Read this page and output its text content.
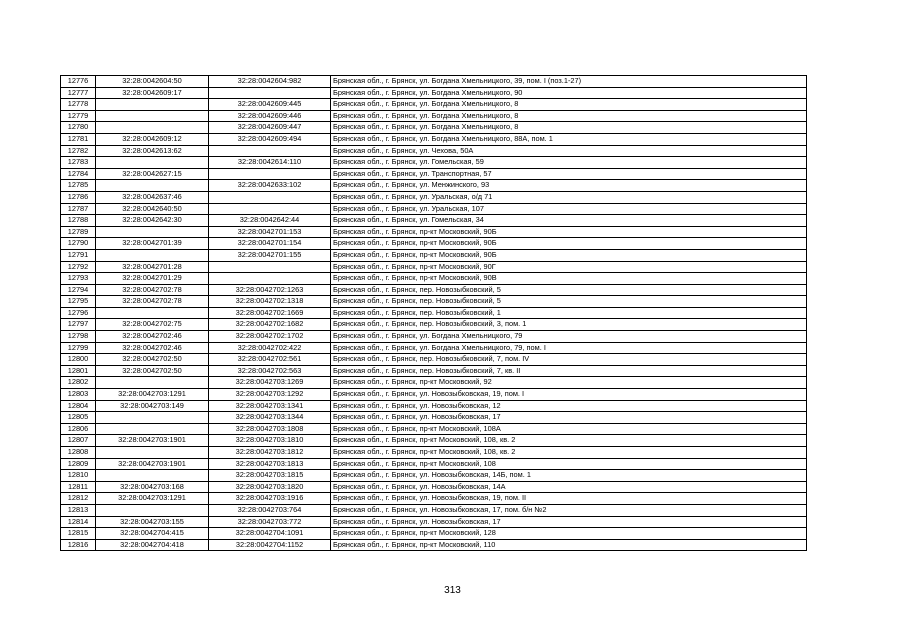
12776	32:28:0042604:50	32:28:0042604:982	Брянская обл., г. Брянск, ул. Богдана Хмельницкого, 39, пом. I (поз.1-27)
12777	32:28:0042609:17		Брянская обл., г. Брянск, ул. Богдана Хмельницкого, 90
12778		32:28:0042609:445	Брянская обл., г. Брянск, ул. Богдана Хмельницкого, 8
12779		32:28:0042609:446	Брянская обл., г. Брянск, ул. Богдана Хмельницкого, 8
12780		32:28:0042609:447	Брянская обл., г. Брянск, ул. Богдана Хмельницкого, 8
12781	32:28:0042609:12	32:28:0042609:494	Брянская обл., г. Брянск, ул. Богдана Хмельницкого, 88А, пом. 1
12782	32:28:0042613:62		Брянская обл., г. Брянск, ул. Чехова, 50А
12783		32:28:0042614:110	Брянская обл., г. Брянск, ул. Гомельская, 59
12784	32:28:0042627:15		Брянская обл., г. Брянск, ул. Транспортная, 57
12785		32:28:0042633:102	Брянская обл., г. Брянск, ул. Менжинского, 93
12786	32:28:0042637:46		Брянская обл., г. Брянск, ул. Уральская, о/д 71
12787	32:28:0042640:50		Брянская обл., г. Брянск, ул. Уральская, 107
12788	32:28:0042642:30	32:28:0042642:44	Брянская обл., г. Брянск, ул. Гомельская, 34
12789		32:28:0042701:153	Брянская обл., г. Брянск, пр-кт Московский, 90Б
12790	32:28:0042701:39	32:28:0042701:154	Брянская обл., г. Брянск, пр-кт Московский, 90Б
12791		32:28:0042701:155	Брянская обл., г. Брянск, пр-кт Московский, 90Б
12792	32:28:0042701:28		Брянская обл., г. Брянск, пр-кт Московский, 90Г
12793	32:28:0042701:29		Брянская обл., г. Брянск, пр-кт Московский, 90В
12794	32:28:0042702:78	32:28:0042702:1263	Брянская обл., г. Брянск, пер. Новозыбковский, 5
12795	32:28:0042702:78	32:28:0042702:1318	Брянская обл., г. Брянск, пер. Новозыбковский, 5
12796		32:28:0042702:1669	Брянская обл., г. Брянск, пер. Новозыбковский, 1
12797	32:28:0042702:75	32:28:0042702:1682	Брянская обл., г. Брянск, пер. Новозыбковский, 3, пом. 1
12798	32:28:0042702:46	32:28:0042702:1702	Брянская обл., г. Брянск, ул. Богдана Хмельницкого, 79
12799	32:28:0042702:46	32:28:0042702:422	Брянская обл., г. Брянск, ул. Богдана Хмельницкого, 79, пом. I
12800	32:28:0042702:50	32:28:0042702:561	Брянская обл., г. Брянск, пер. Новозыбковский, 7, пом. IV
12801	32:28:0042702:50	32:28:0042702:563	Брянская обл., г. Брянск, пер. Новозыбковский, 7, кв. II
12802		32:28:0042703:1269	Брянская обл., г. Брянск, пр-кт Московский, 92
12803	32:28:0042703:1291	32:28:0042703:1292	Брянская обл., г. Брянск, ул. Новозыбковская, 19, пом. I
12804	32:28:0042703:149	32:28:0042703:1341	Брянская обл., г. Брянск, ул. Новозыбковская, 12
12805		32:28:0042703:1344	Брянская обл., г. Брянск, ул. Новозыбковская, 17
12806		32:28:0042703:1808	Брянская обл., г. Брянск, пр-кт Московский, 108А
12807	32:28:0042703:1901	32:28:0042703:1810	Брянская обл., г. Брянск, пр-кт Московский, 108, кв. 2
12808		32:28:0042703:1812	Брянская обл., г. Брянск, пр-кт Московский, 108, кв. 2
12809	32:28:0042703:1901	32:28:0042703:1813	Брянская обл., г. Брянск, пр-кт Московский, 108
12810		32:28:0042703:1815	Брянская обл., г. Брянск, ул. Новозыбковская, 14Б, пом. 1
12811	32:28:0042703:168	32:28:0042703:1820	Брянская обл., г. Брянск, ул. Новозыбковская, 14А
12812	32:28:0042703:1291	32:28:0042703:1916	Брянская обл., г. Брянск, ул. Новозыбковская, 19, пом. II
12813		32:28:0042703:764	Брянская обл., г. Брянск, ул. Новозыбковская, 17, пом. б/н №2
12814	32:28:0042703:155	32:28:0042703:772	Брянская обл., г. Брянск, ул. Новозыбковская, 17
12815	32:28:0042704:415	32:28:0042704:1091	Брянская обл., г. Брянск, пр-кт Московский, 128
12816	32:28:0042704:418	32:28:0042704:1152	Брянская обл., г. Брянск, пр-кт Московский, 110
313
